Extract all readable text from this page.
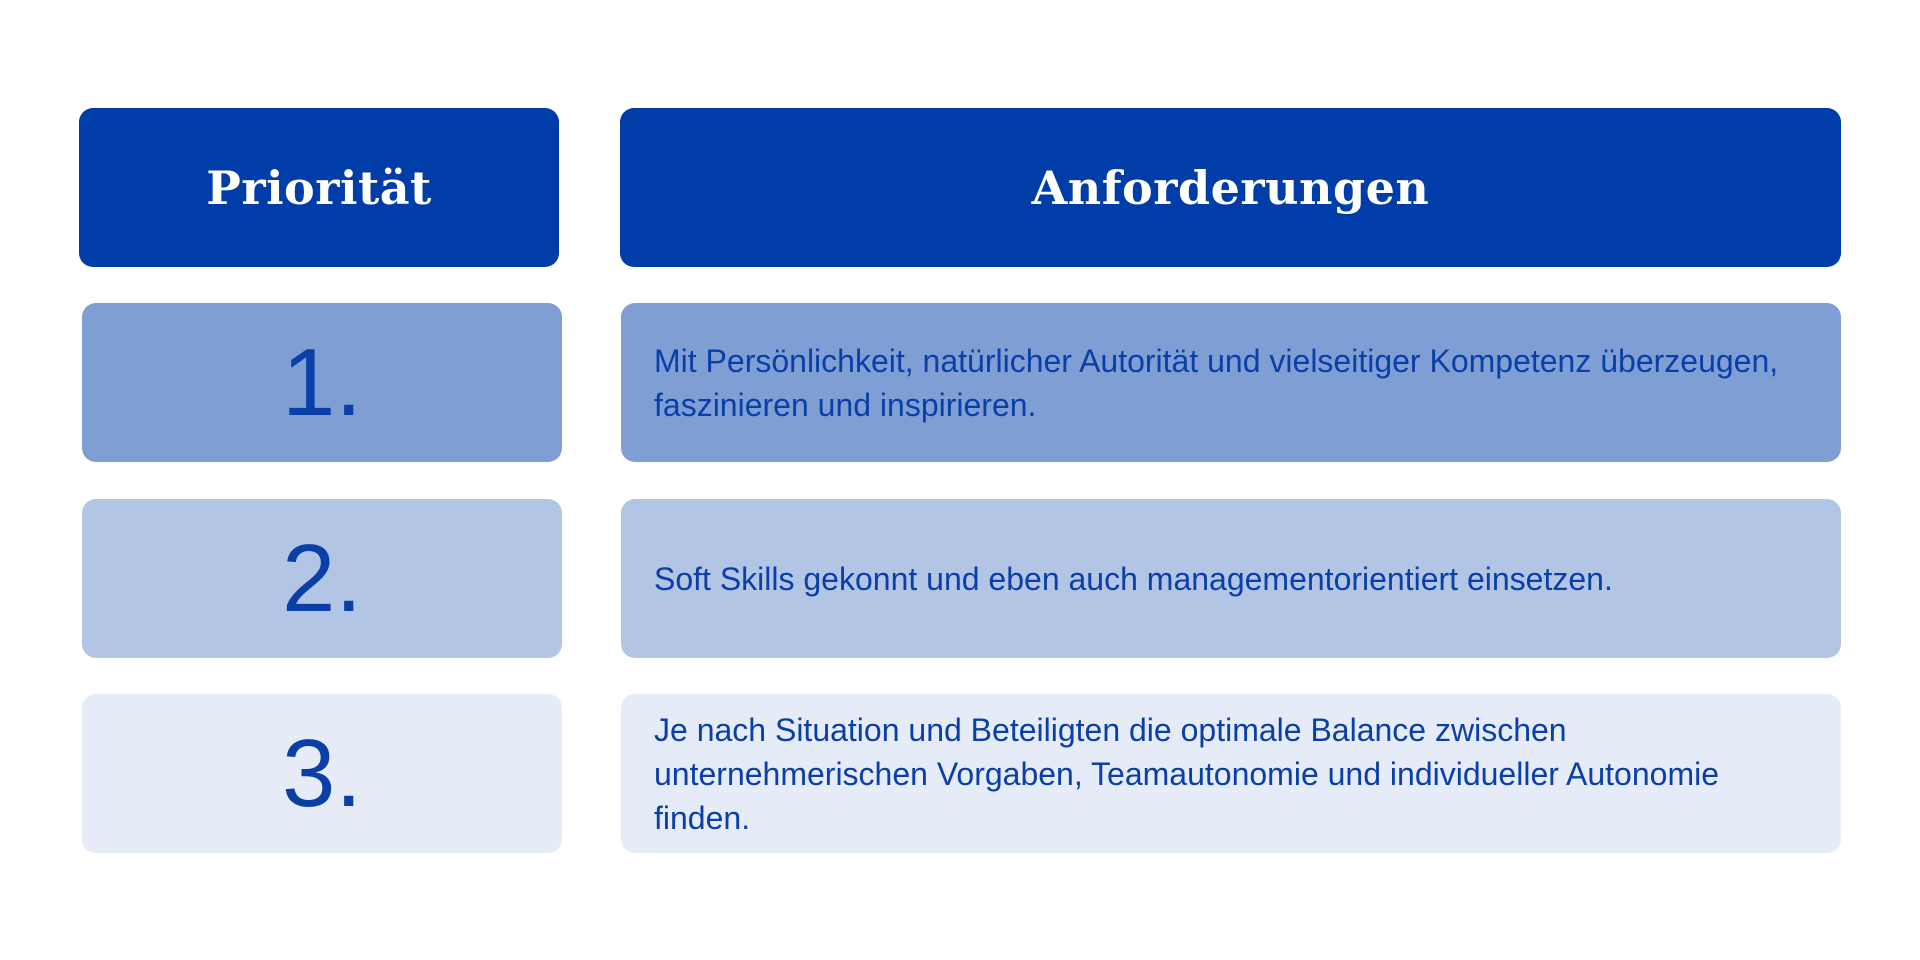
Priorität	Anforderungen
1.	Mit Persönlichkeit, natürlicher Autorität und vielseitiger Kompetenz überzeugen, faszinieren und inspirieren.
2.	Soft Skills gekonnt und eben auch managementorientiert einsetzen.
3.	Je nach Situation und Beteiligten die optimale Balance zwischen unternehmerischen Vorgaben, Teamautonomie und individueller Autonomie finden.
